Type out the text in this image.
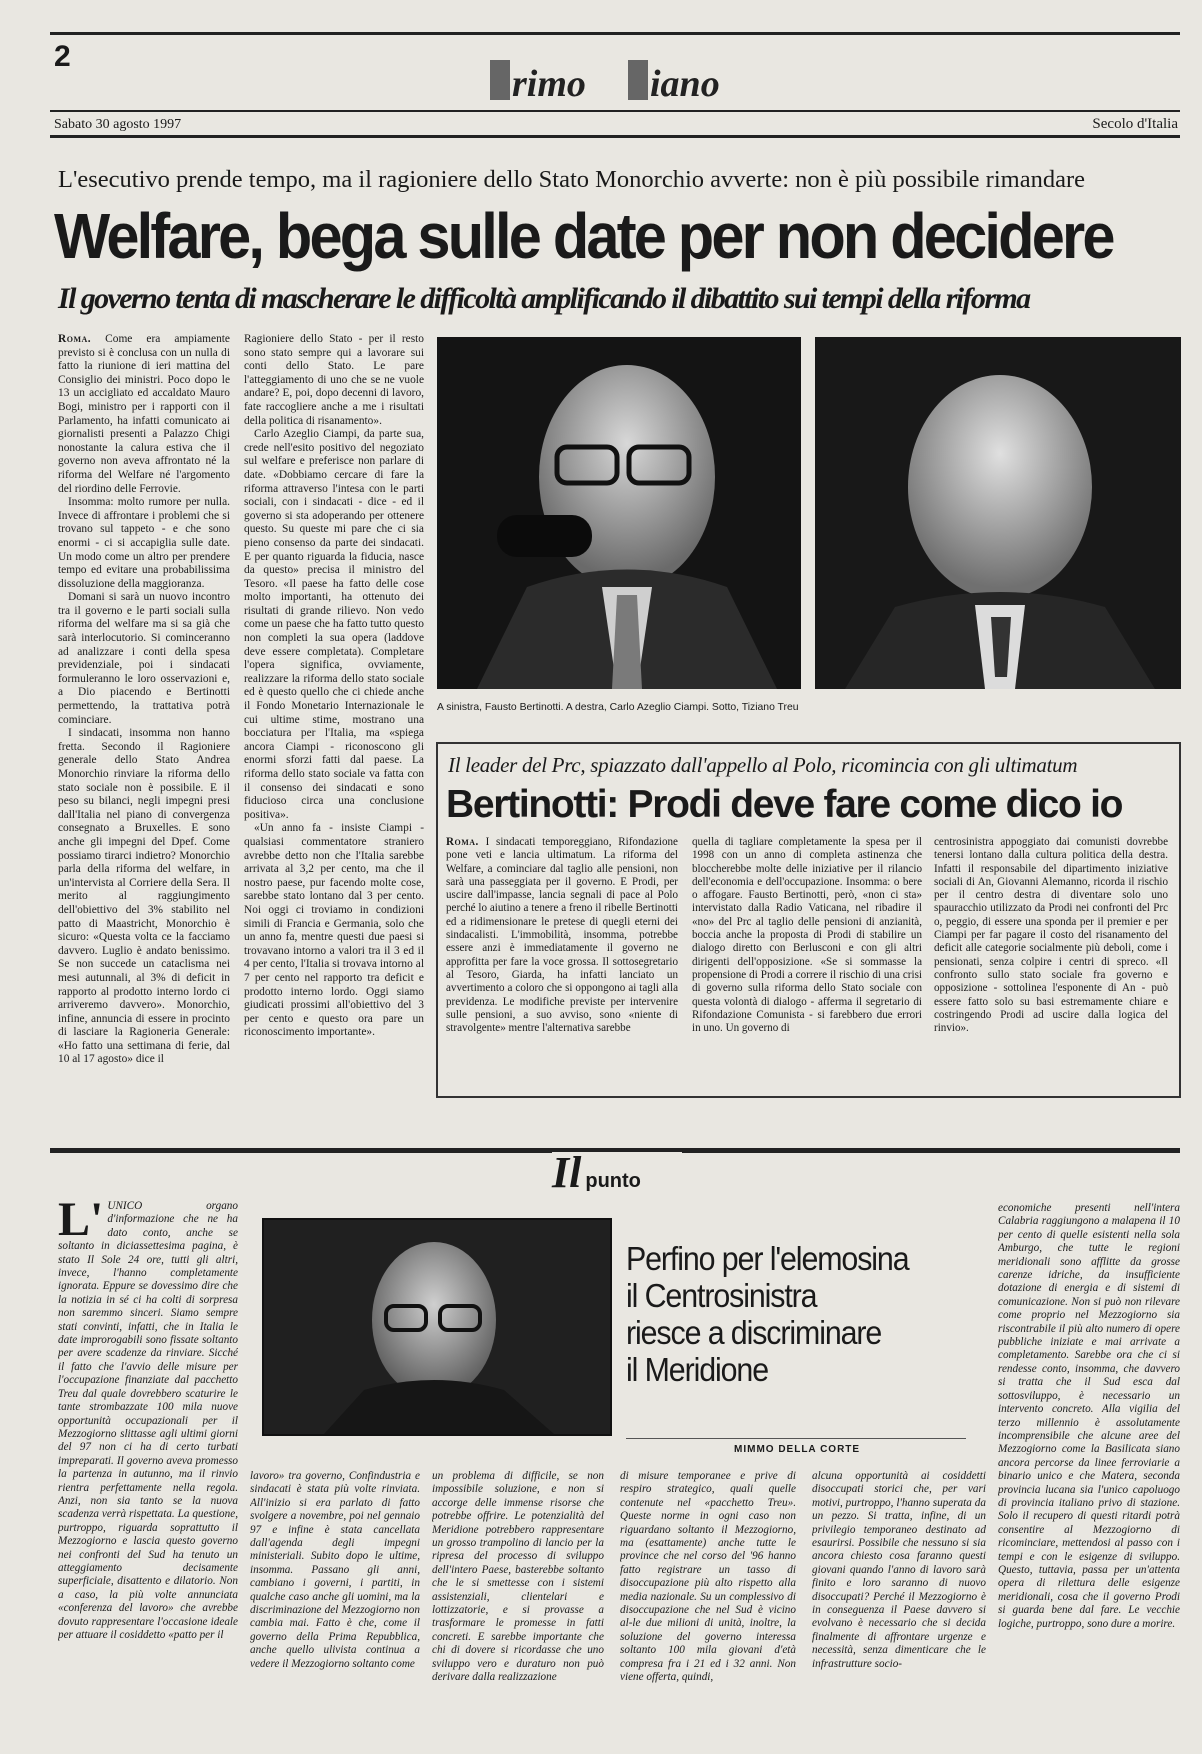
2
rimo iano
Sabato 30 agosto 1997	Secolo d'Italia
L'esecutivo prende tempo, ma il ragioniere dello Stato Monorchio avverte: non è più possibile rimandare
Welfare, bega sulle date per non decidere
Il governo tenta di mascherare le difficoltà amplificando il dibattito sui tempi della riforma

Roma. Come era ampiamente previsto si è conclusa con un nulla di fatto la riunione di ieri mattina del Consiglio dei ministri. Poco dopo le 13 un accigliato ed accaldato Mauro Bogi, ministro per i rapporti con il Parlamento, ha infatti comunicato ai giornalisti presenti a Palazzo Chigi nonostante la calura estiva che il governo non aveva affrontato né la riforma del Welfare né l'argomento del riordino delle Ferrovie.

Insomma: molto rumore per nulla. Invece di affrontare i problemi che si trovano sul tappeto - e che sono enormi - ci si accapiglia sulle date. Un modo come un altro per prendere tempo ed evitare una probabilissima dissoluzione della maggioranza.

Domani si sarà un nuovo incontro tra il governo e le parti sociali sulla riforma del welfare ma si sa già che sarà interlocutorio. Si cominceranno ad analizzare i conti della spesa previdenziale, poi i sindacati formuleranno le loro osservazioni e, a Dio piacendo e Bertinotti permettendo, la trattativa potrà cominciare.

I sindacati, insomma non hanno fretta. Secondo il Ragioniere generale dello Stato Andrea Monorchio rinviare la riforma dello stato sociale non è possibile. E il peso su bilanci, negli impegni presi dall'Italia nel piano di convergenza consegnato a Bruxelles. E sono anche gli impegni del Dpef. Come possiamo tirarci indietro? Monorchio parla della riforma del welfare, in un'intervista al Corriere della Sera. Il merito al raggiungimento dell'obiettivo del 3% stabilito nel patto di Maastricht, Monorchio è sicuro: «Questa volta ce la facciamo davvero. Luglio è andato benissimo. Se non succede un cataclisma nei mesi autunnali, al 3% di deficit in rapporto al prodotto interno lordo ci arriveremo davvero». Monorchio, infine, annuncia di essere in procinto di lasciare la Ragioneria Generale: «Ho fatto una settimana di ferie, dal 10 al 17 agosto» dice il

Ragioniere dello Stato - per il resto sono stato sempre qui a lavorare sui conti dello Stato. Le pare l'atteggiamento di uno che se ne vuole andare? E, poi, dopo decenni di lavoro, fate raccogliere anche a me i risultati della politica di risanamento».

Carlo Azeglio Ciampi, da parte sua, crede nell'esito positivo del negoziato sul welfare e preferisce non parlare di date. «Dobbiamo cercare di fare la riforma attraverso l'intesa con le parti sociali, con i sindacati - dice - ed il governo si sta adoperando per ottenere questo. Su queste mi pare che ci sia pieno consenso da parte dei sindacati. E per quanto riguarda la fiducia, nasce da questo» precisa il ministro del Tesoro. «Il paese ha fatto delle cose molto importanti, ha ottenuto dei risultati di grande rilievo. Non vedo come un paese che ha fatto tutto questo non completi la sua opera (laddove deve essere completata). Completare l'opera significa, ovviamente, realizzare la riforma dello stato sociale ed è questo quello che ci chiede anche il Fondo Monetario Internazionale le cui ultime stime, mostrano una bocciatura per l'Italia, ma «spiega ancora Ciampi - riconoscono gli enormi sforzi fatti dal paese. La riforma dello stato sociale va fatta con il consenso dei sindacati e sono fiducioso circa una conclusione positiva».

«Un anno fa - insiste Ciampi - qualsiasi commentatore straniero avrebbe detto non che l'Italia sarebbe arrivata al 3,2 per cento, ma che il nostro paese, pur facendo molte cose, sarebbe stato lontano dal 3 per cento. Noi oggi ci troviamo in condizioni simili di Francia e Germania, solo che un anno fa, mentre questi due paesi si trovavano intorno a valori tra il 3 ed il 4 per cento, l'Italia si trovava intorno al 7 per cento nel rapporto tra deficit e prodotto interno lordo. Oggi siamo giudicati prossimi all'obiettivo del 3 per cento e questo ora pare un riconoscimento importante».

A sinistra, Fausto Bertinotti. A destra, Carlo Azeglio Ciampi. Sotto, Tiziano Treu
Il leader del Prc, spiazzato dall'appello al Polo, ricomincia con gli ultimatum
Bertinotti: Prodi deve fare come dico io

Roma. I sindacati temporeggiano, Rifondazione pone veti e lancia ultimatum. La riforma del Welfare, a cominciare dal taglio alle pensioni, non sarà una passeggiata per il governo. E Prodi, per uscire dall'impasse, lancia segnali di pace al Polo perché lo aiutino a tenere a freno il ribelle Bertinotti ed a ridimensionare le pretese di quegli eterni dei sindacalisti. L'immobilità, insomma, potrebbe essere anzi è immediatamente il governo ne approfitta per fare la voce grossa. Il sottosegretario al Tesoro, Giarda, ha infatti lanciato un avvertimento a coloro che si oppongono ai tagli alla previdenza. Le modifiche previste per intervenire sulle pensioni, a suo avviso, sono «niente di stravolgente» mentre l'alternativa sarebbe

quella di tagliare completamente la spesa per il 1998 con un anno di completa astinenza che bloccherebbe molte delle iniziative per il rilancio dell'economia e dell'occupazione. Insomma: o bere o affogare. Fausto Bertinotti, però, «non ci sta» intervistato dalla Radio Vaticana, nel ribadire il «no» del Prc al taglio delle pensioni di anzianità, boccia anche la proposta di Prodi di stabilire un dialogo diretto con Berlusconi e con gli altri dirigenti dell'opposizione. «Se si sommasse la propensione di Prodi a correre il rischio di una crisi di governo sulla riforma dello Stato sociale con questa volontà di dialogo - afferma il segretario di Rifondazione Comunista - si farebbero due errori in uno. Un governo di

centrosinistra appoggiato dai comunisti dovrebbe tenersi lontano dalla cultura politica della destra. Infatti il responsabile del dipartimento iniziative sociali di An, Giovanni Alemanno, ricorda il rischio per il centro destra di diventare solo uno spauracchio utilizzato da Prodi nei confronti del Prc o, peggio, di essere una sponda per il premier e per Ciampi per far pagare il costo del risanamento del deficit alle categorie socialmente più deboli, come i pensionati, senza colpire i centri di spreco. «Il confronto sullo stato sociale fra governo e opposizione - sottolinea l'esponente di An - può essere fatto solo su basi estremamente chiare e costringendo Prodi ad uscire dalla logica del rinvio».

Il punto
L' UNICO organo d'informazione che ne ha dato conto, anche se soltanto in diciassettesima pagina, è stato Il Sole 24 ore, tutti gli altri, invece, l'hanno completamente ignorata. Eppure se dovessimo dire che la notizia in sé ci ha colti di sorpresa non saremmo sinceri. Siamo sempre stati convinti, infatti, che in Italia le date improrogabili sono fissate soltanto per avere scadenze da rinviare. Sicché il fatto che l'avvio delle misure per l'occupazione finanziate dal pacchetto Treu dal quale dovrebbero scaturire le tante strombazzate 100 mila nuove opportunità occupazionali per il Mezzogiorno slittasse agli ultimi giorni del 97 non ci ha di certo turbati impreparati. Il governo aveva promesso la partenza in autunno, ma il rinvio rientra perfettamente nella regola. Anzi, non sia tanto se la nuova scadenza verrà rispettata. La questione, purtroppo, riguarda soprattutto il Mezzogiorno e lascia questo governo nei confronti del Sud ha tenuto un atteggiamento decisamente superficiale, disattento e dilatorio. Non a caso, la più volte annunciata «conferenza del lavoro» che avrebbe dovuto rappresentare l'occasione ideale per attuare il cosiddetto «patto per il
Perfino per l'elemosina
il Centrosinistra
riesce a discriminare
il Meridione
MIMMO DELLA CORTE

lavoro» tra governo, Confindustria e sindacati è stata più volte rinviata. All'inizio si era parlato di fatto svolgere a novembre, poi nel gennaio 97 e infine è stata cancellata dall'agenda degli impegni ministeriali. Subito dopo le ultime, insomma. Passano gli anni, cambiano i governi, i partiti, in qualche caso anche gli uomini, ma la discriminazione del Mezzogiorno non cambia mai. Fatto è che, come il governo della Prima Repubblica, anche quello ulivista continua a vedere il Mezzogiorno soltanto come

un problema di difficile, se non impossibile soluzione, e non si accorge delle immense risorse che potrebbe offrire. Le potenzialità del Meridione potrebbero rappresentare un grosso trampolino di lancio per la ripresa del processo di sviluppo dell'intero Paese, basterebbe soltanto che le si smettesse con i sistemi assistenziali, clientelari e lottizzatorie, e si provasse a trasformare le promesse in fatti concreti. E sarebbe importante che chi di dovere si ricordasse che uno sviluppo vero e duraturo non può derivare dalla realizzazione

di misure temporanee e prive di respiro strategico, quali quelle contenute nel «pacchetto Treu». Queste norme in ogni caso non riguardano soltanto il Mezzogiorno, ma (esattamente) anche tutte le province che nel corso del '96 hanno fatto registrare un tasso di disoccupazione più alto rispetto alla media nazionale. Su un complessivo di disoccupazione che nel Sud è vicino al-le due milioni di unità, inoltre, la soluzione del governo interessa soltanto 100 mila giovani d'età compresa fra i 21 ed i 32 anni. Non viene offerta, quindi,

alcuna opportunità ai cosiddetti disoccupati storici che, per vari motivi, purtroppo, l'hanno superata da un pezzo. Si tratta, infine, di un privilegio temporaneo destinato ad esaurirsi. Possibile che nessuno si sia ancora chiesto cosa faranno questi giovani quando l'anno di lavoro sarà finito e loro saranno di nuovo disoccupati? Perché il Mezzogiorno è in conseguenza il Paese davvero si evolvano è necessario che si decida finalmente di affrontare urgenze e necessità, senza dimenticare che le infrastrutture socio-

economiche presenti nell'intera Calabria raggiungono a malapena il 10 per cento di quelle esistenti nella sola Amburgo, che tutte le regioni meridionali sono afflitte da grosse carenze idriche, da insufficiente dotazione di energia e di sistemi di comunicazione. Non si può non rilevare come proprio nel Mezzogiorno sia riscontrabile il più alto numero di opere pubbliche iniziate e mai arrivate a completamento. Sarebbe ora che ci si rendesse conto, insomma, che davvero si tratta che il Sud esca dal sottosviluppo, è necessario un intervento concreto. Alla vigilia del terzo millennio è assolutamente incomprensibile che alcune aree del Mezzogiorno come la Basilicata siano ancora percorse da linee ferroviarie a binario unico e che Matera, seconda provincia lucana sia l'unico capoluogo di provincia italiano privo di stazione. Solo il recupero di questi ritardi potrà consentire al Mezzogiorno di ricominciare, mettendosi al passo con i tempi e con le esigenze di sviluppo. Questo, tuttavia, passa per un'attenta opera di rilettura delle esigenze meridionali, cosa che il governo Prodi si guarda bene dal fare. Le vecchie logiche, purtroppo, sono dure a morire.
